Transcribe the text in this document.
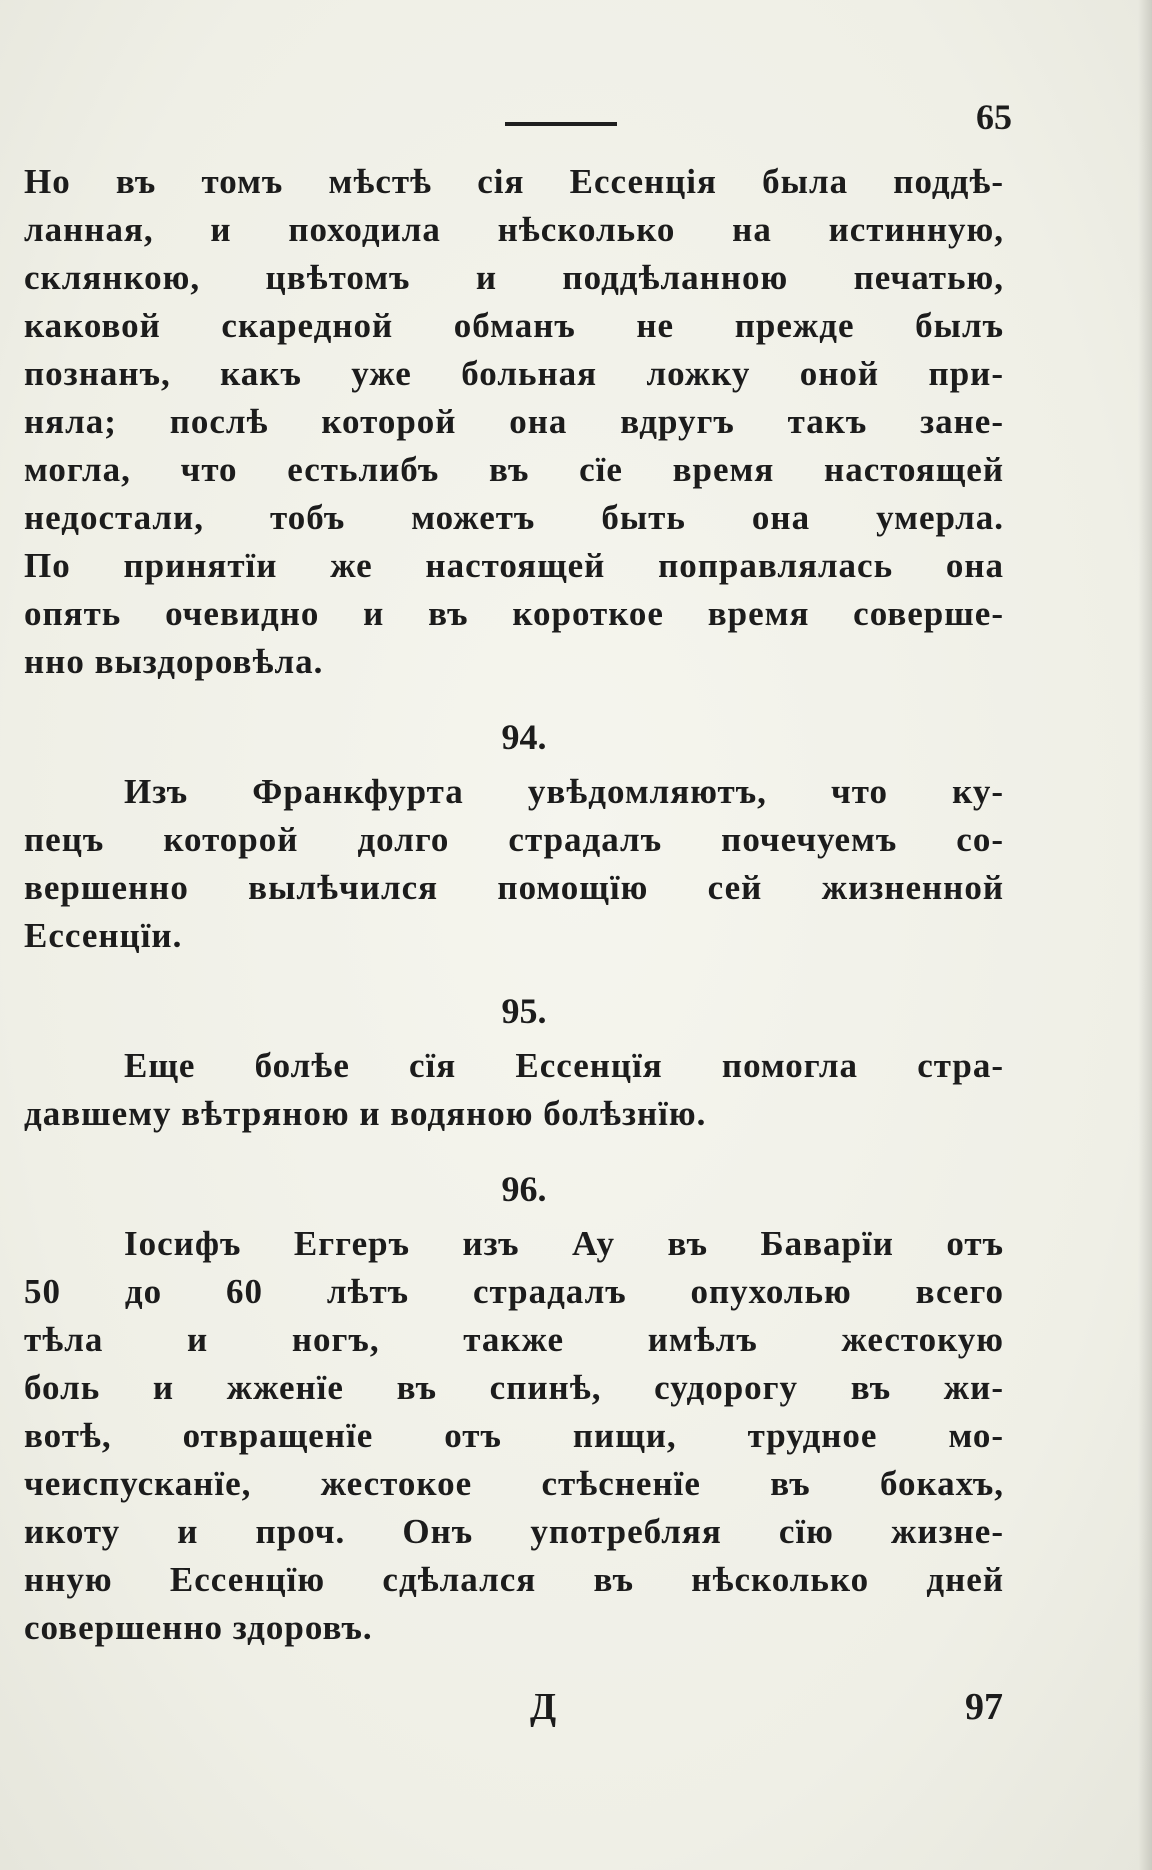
65
Но въ томъ мѣстѣ сія Ессенція была поддѣ-
ланная, и походила нѣсколько на истинную,
склянкою, цвѣтомъ и поддѣланною печатью,
каковой скаредной обманъ не прежде былъ
познанъ, какъ уже больная ложку оной при-
няла; послѣ которой она вдругъ такъ зане-
могла, что естьлибъ въ сïе время настоящей
недостали, тобъ можетъ быть она умерла.
По принятïи же настоящей поправлялась она
опять очевидно и въ короткое время соверше-
нно выздоровѣла.
94.
Изъ Франкфурта увѣдомляютъ, что ку-
пецъ которой долго страдалъ почечуемъ со-
вершенно вылѣчился помощïю сей жизненной
Ессенцïи.
95.
Еще болѣе сïя Ессенцïя помогла стра-
давшему вѣтряною и водяною болѣзнïю.
96.
Iосифъ Еггеръ изъ Ау въ Баварïи отъ
50 до 60 лѣтъ страдалъ опухолью всего
тѣла и ногъ, также имѣлъ жестокую
боль и жженïе въ спинѣ, судорогу въ жи-
вотѣ, отвращенïе отъ пищи, трудное мо-
чеиспусканïе, жестокое стѣсненïе въ бокахъ,
икоту и проч. Онъ употребляя сïю жизне-
нную Ессенцïю сдѣлался въ нѣсколько дней
совершенно здоровъ.
Д	97
